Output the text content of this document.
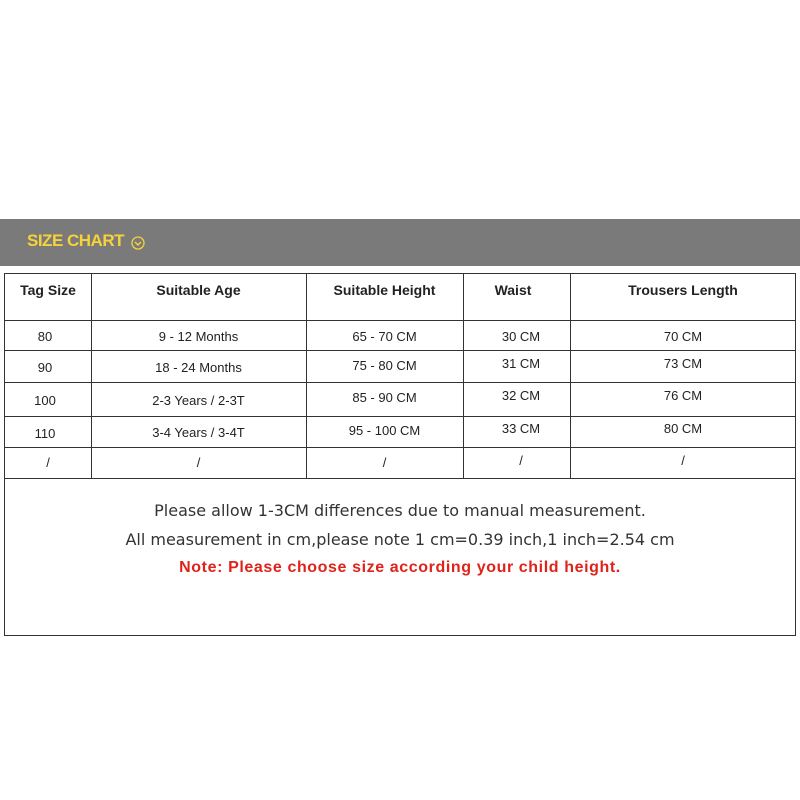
SIZE CHART
Tag Size	Suitable Age	Suitable Height	Waist	Trousers Length
80	9 - 12 Months	65 - 70 CM	30 CM	70 CM
90	18 - 24 Months	75 - 80 CM	31 CM	73 CM
100	2-3 Years / 2-3T	85 - 90 CM	32 CM	76 CM
110	3-4 Years / 3-4T	95 - 100 CM	33 CM	80 CM
/	/	/	/	/
Please allow 1-3CM differences due to manual measurement.
All measurement in cm,please note 1 cm=0.39 inch,1 inch=2.54 cm
Note: Please choose size according your child height.
